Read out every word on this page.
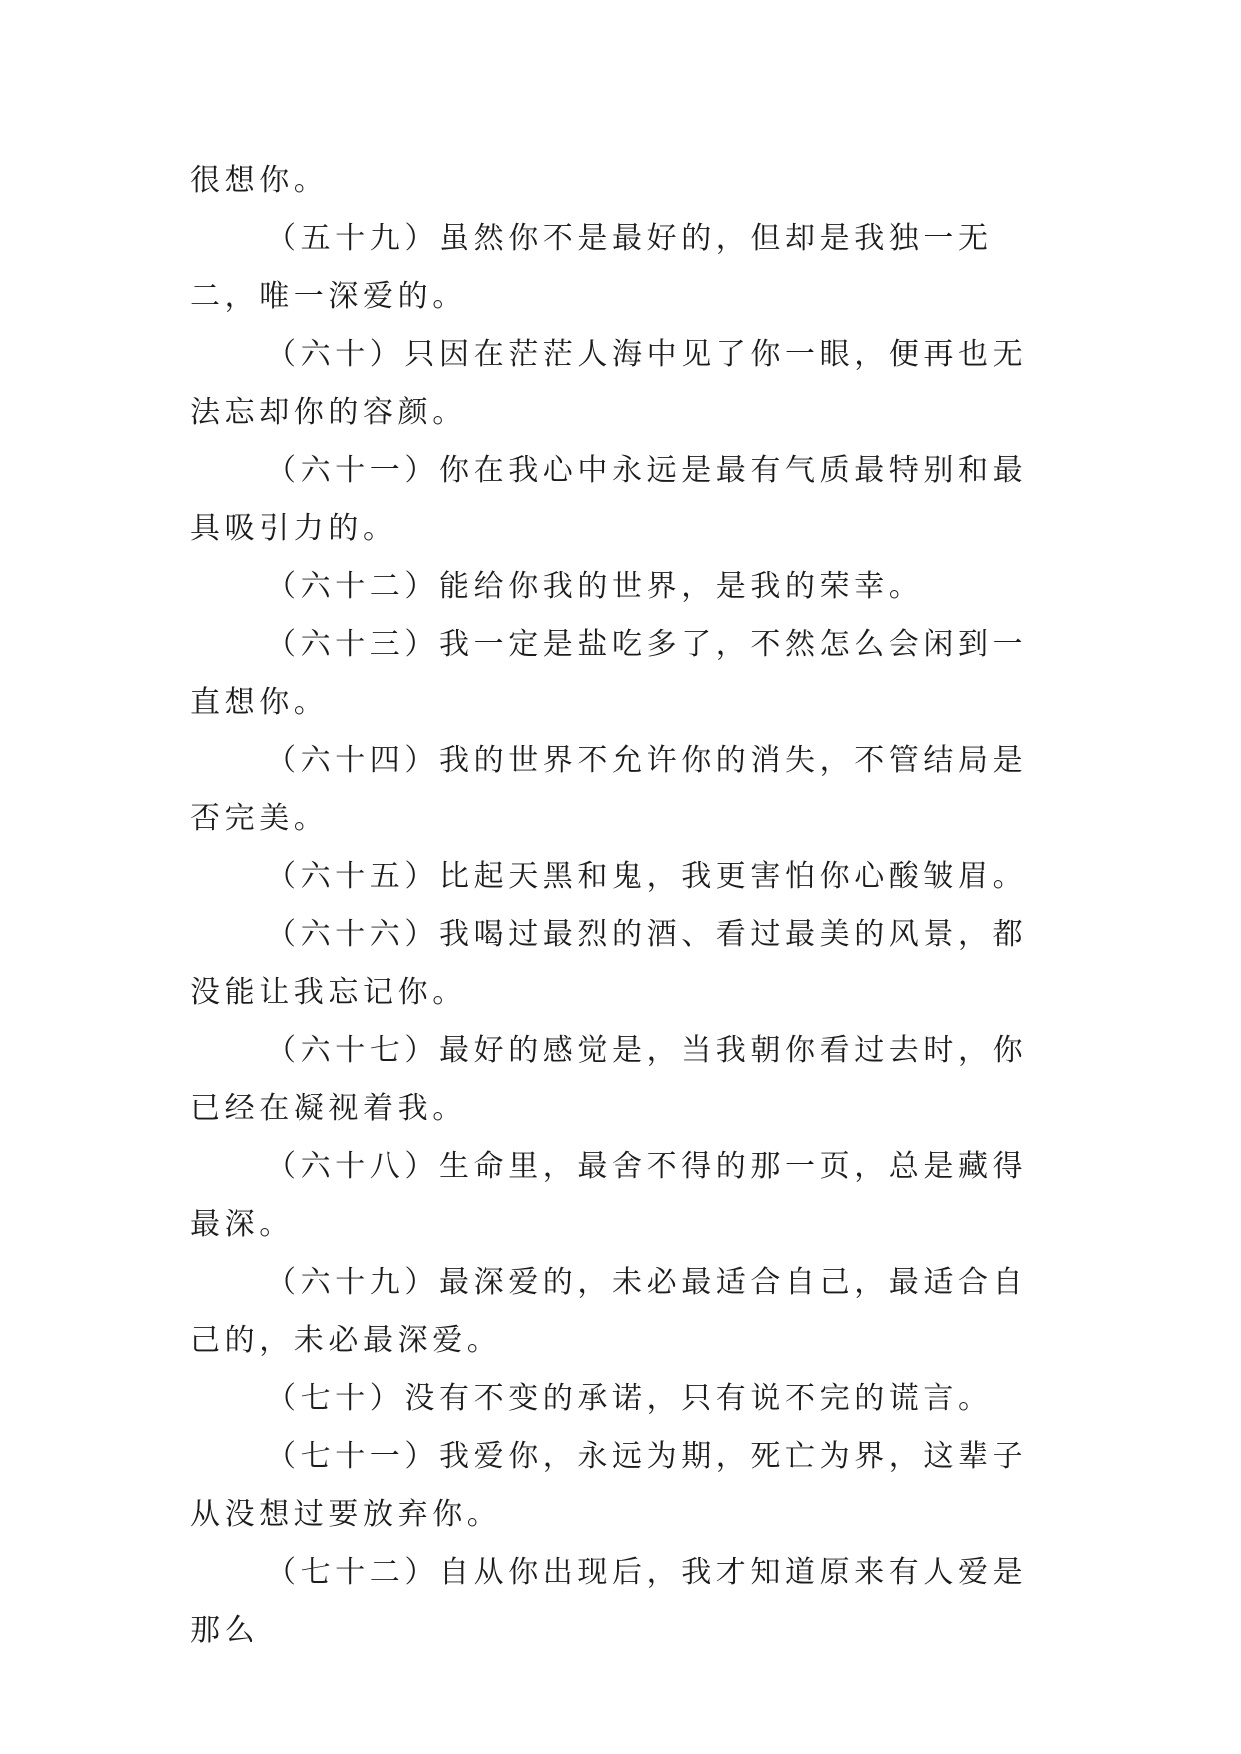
很想你。

（五十九）虽然你不是最好的，但却是我独一无二，唯一深爱的。

（六十）只因在茫茫人海中见了你一眼，便再也无法忘却你的容颜。

（六十一）你在我心中永远是最有气质最特别和最具吸引力的。

（六十二）能给你我的世界，是我的荣幸。

（六十三）我一定是盐吃多了，不然怎么会闲到一直想你。

（六十四）我的世界不允许你的消失，不管结局是否完美。

（六十五）比起天黑和鬼，我更害怕你心酸皱眉。

（六十六）我喝过最烈的酒、看过最美的风景，都没能让我忘记你。

（六十七）最好的感觉是，当我朝你看过去时，你已经在凝视着我。

（六十八）生命里，最舍不得的那一页，总是藏得最深。

（六十九）最深爱的，未必最适合自己，最适合自己的，未必最深爱。

（七十）没有不变的承诺，只有说不完的谎言。

（七十一）我爱你，永远为期，死亡为界，这辈子从没想过要放弃你。

（七十二）自从你出现后，我才知道原来有人爱是那么
